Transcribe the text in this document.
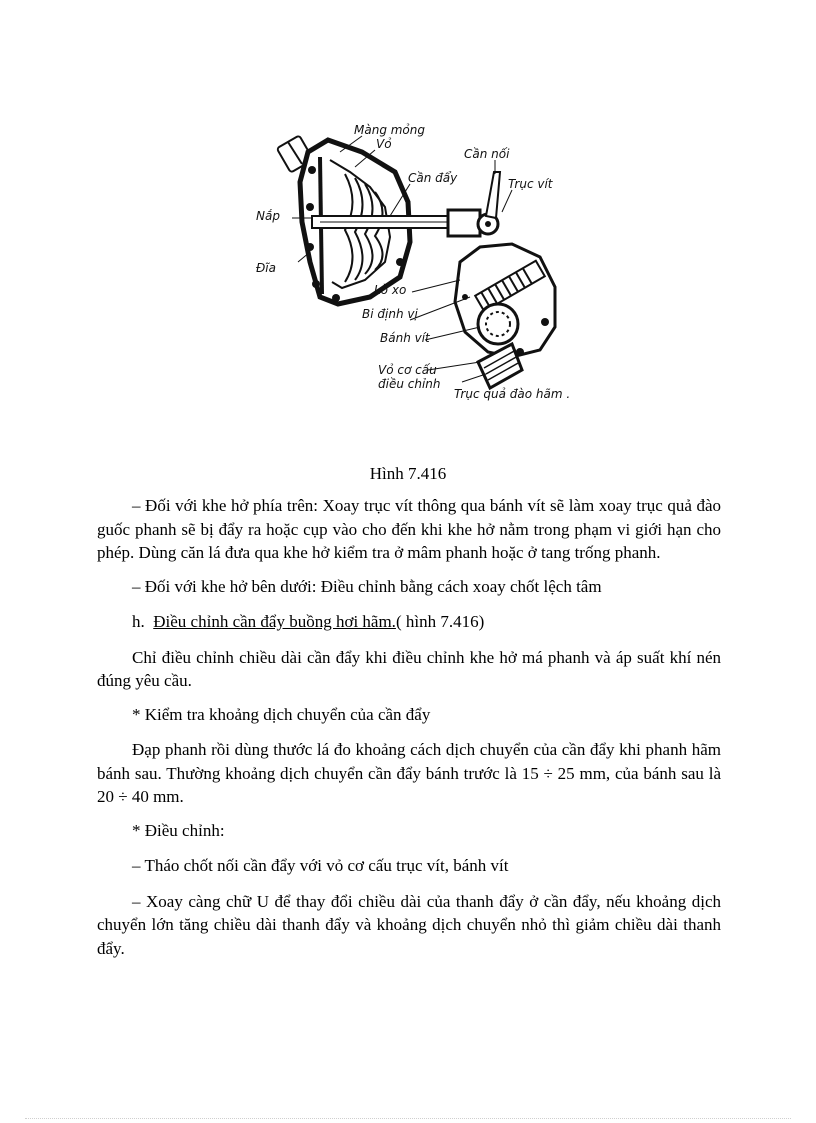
Màng mỏng
Vỏ
Cần nối
Cần đẩy	Trục vít
Nắp
Đĩa
Lò xo
Bi định vị
Bánh vít
Vỏ cơ cấu
điều chỉnh
Trục quả đào hãm .
Hình 7.416

– Đối với khe hở phía trên: Xoay trục vít thông qua bánh vít sẽ làm xoay trục quả đào guốc phanh sẽ bị đẩy ra hoặc cụp vào cho đến khi khe hở nằm trong phạm vi giới hạn cho phép. Dùng căn lá đưa qua khe hở kiểm tra ở mâm phanh hoặc ở tang trống phanh.

– Đối với khe hở bên dưới: Điều chỉnh bằng cách xoay chốt lệch tâm

h. Điều chỉnh cần đẩy buồng hơi hãm.( hình 7.416)

Chỉ điều chỉnh chiều dài cần đẩy khi điều chỉnh khe hở má phanh và áp suất khí nén đúng yêu cầu.

* Kiểm tra khoảng dịch chuyển của cần đẩy

Đạp phanh rồi dùng thước lá đo khoảng cách dịch chuyển của cần đẩy khi phanh hãm bánh sau. Thường khoảng dịch chuyển cần đẩy bánh trước là 15 ÷ 25 mm, của bánh sau là 20 ÷ 40 mm.

* Điều chỉnh:

– Tháo chốt nối cần đẩy với vỏ cơ cấu trục vít, bánh vít

– Xoay càng chữ U để thay đổi chiều dài của thanh đẩy ở cần đẩy, nếu khoảng dịch chuyển lớn tăng chiều dài thanh đẩy và khoảng dịch chuyển nhỏ thì giảm chiều dài thanh đẩy.
